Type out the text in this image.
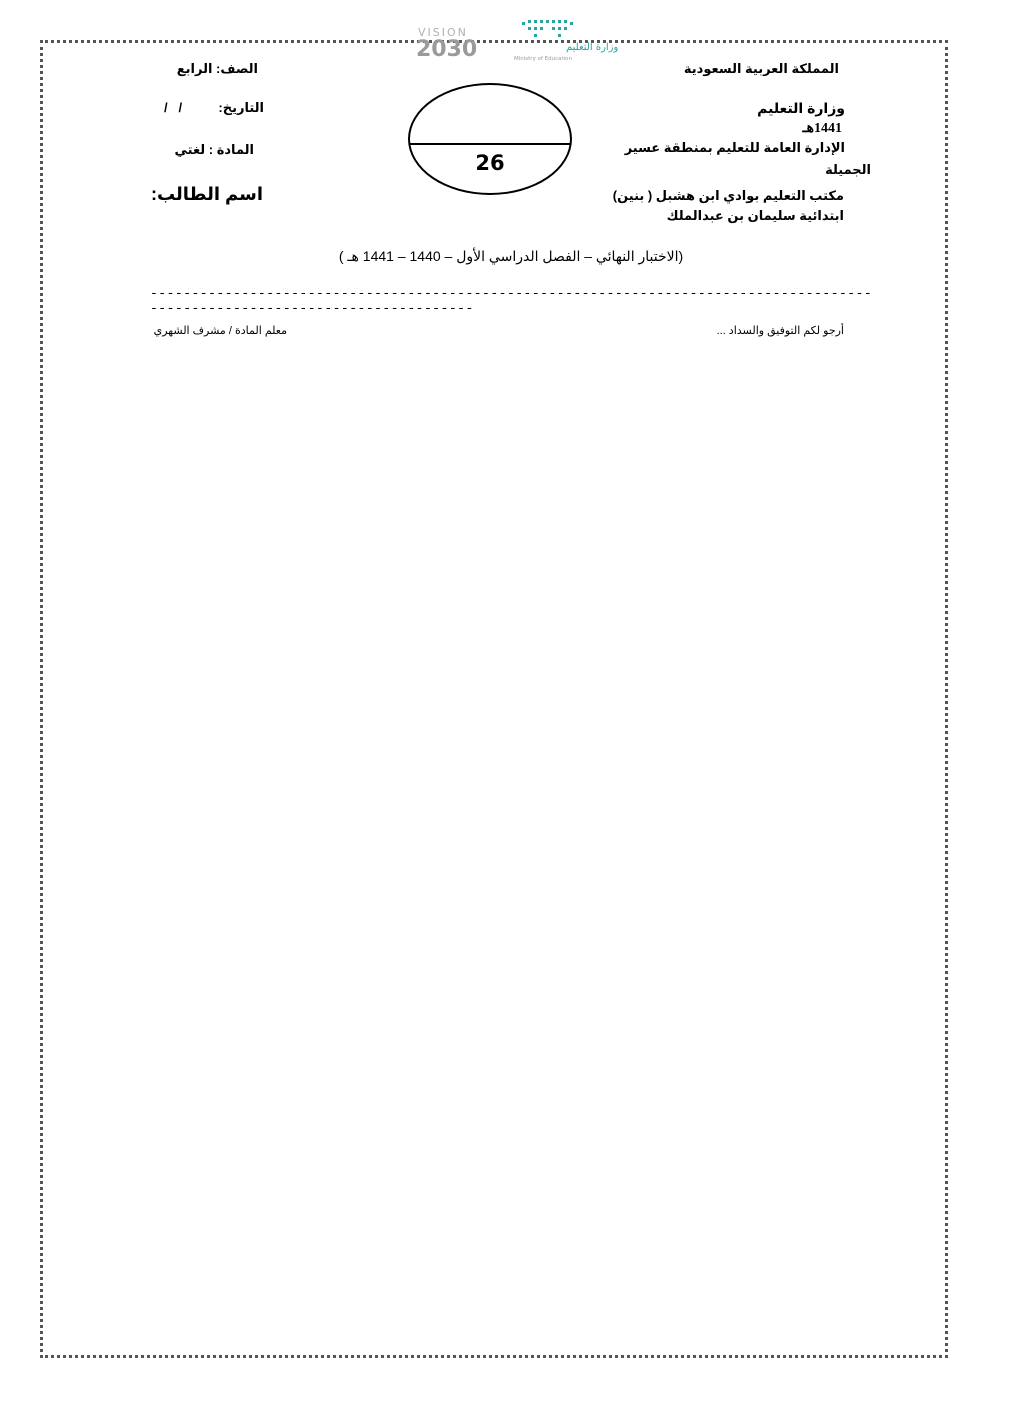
VISION
2030	وزارة التعليم
Ministry of Education
المملكة العربية السعودية
وزارة التعليم
1441هـ
الإدارة العامة للتعليم بمنطقة عسير
الجميلة
مكتب التعليم بوادي ابن هشبل ( بنين)
ابتدائية سليمان بن عبدالملك
الصف: الرابع
التاريخ:
/   /
المادة : لغتي
اسم الطالب:
26
(الاختبار النهائي – الفصل الدراسي الأول – 1440 – 1441 هـ )
------------------------------------------------------------------------------------------------------------------------------
أرجو لكم التوفيق والسداد ...
معلم المادة / مشرف الشهري
